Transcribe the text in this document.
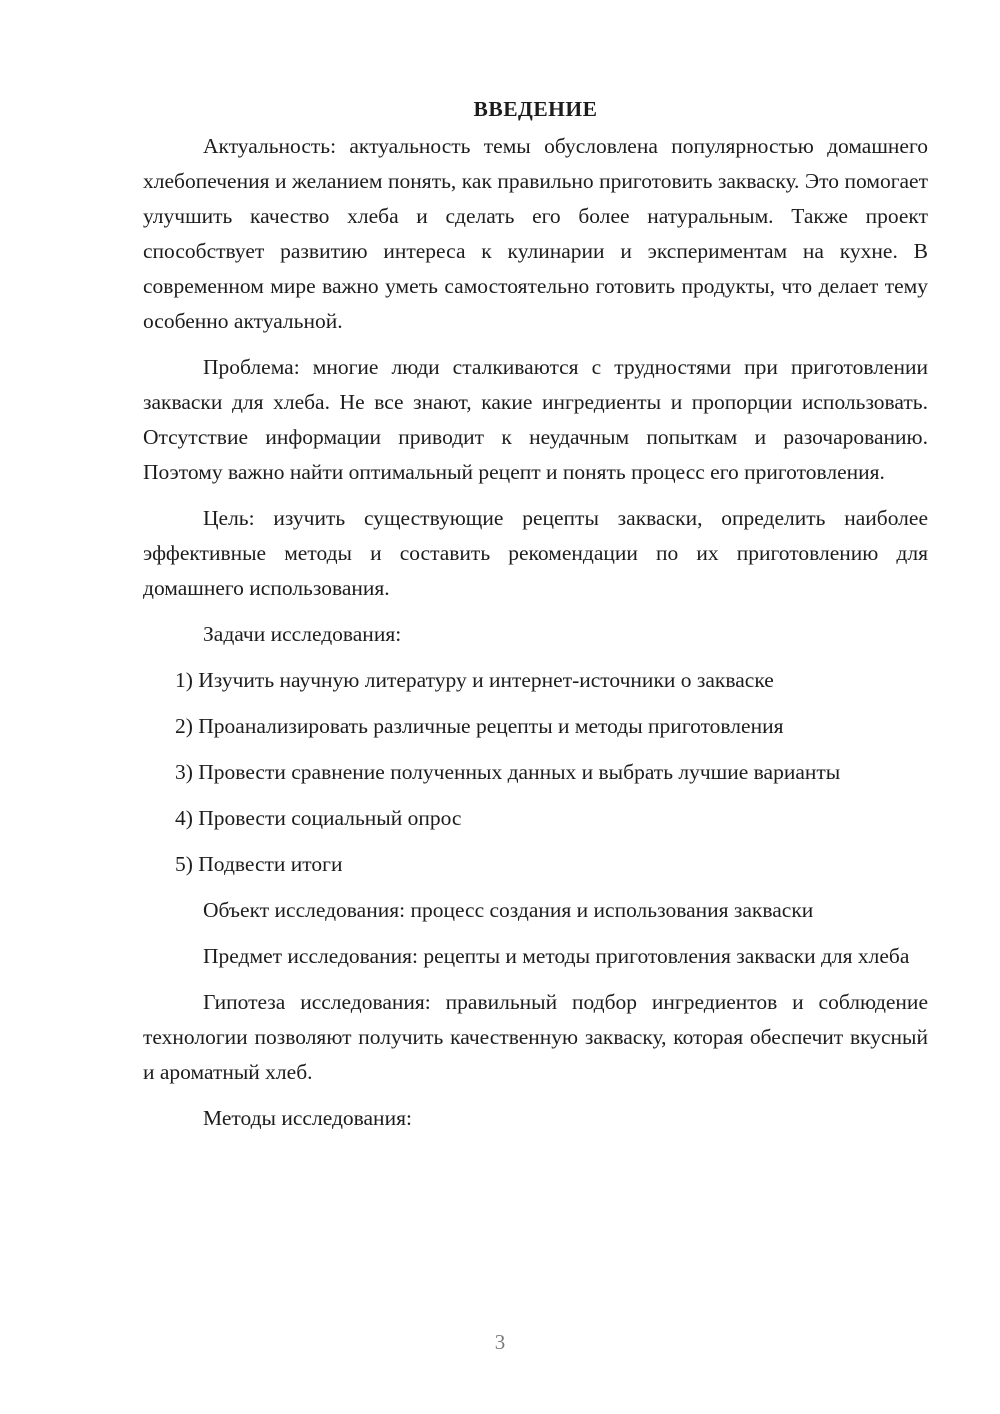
ВВЕДЕНИЕ

Актуальность: актуальность темы обусловлена популярностью домашнего хлебопечения и желанием понять, как правильно приготовить закваску. Это помогает улучшить качество хлеба и сделать его более натуральным. Также проект способствует развитию интереса к кулинарии и экспериментам на кухне. В современном мире важно уметь самостоятельно готовить продукты, что делает тему особенно актуальной.

Проблема: многие люди сталкиваются с трудностями при приготовлении закваски для хлеба. Не все знают, какие ингредиенты и пропорции использовать. Отсутствие информации приводит к неудачным попыткам и разочарованию. Поэтому важно найти оптимальный рецепт и понять процесс его приготовления.

Цель: изучить существующие рецепты закваски, определить наиболее эффективные методы и составить рекомендации по их приготовлению для домашнего использования.

Задачи исследования:

1) Изучить научную литературу и интернет-источники о закваске

2) Проанализировать различные рецепты и методы приготовления

3) Провести сравнение полученных данных и выбрать лучшие варианты

4) Провести социальный опрос

5) Подвести итоги

Объект исследования: процесс создания и использования закваски

Предмет исследования: рецепты и методы приготовления закваски для хлеба

Гипотеза исследования: правильный подбор ингредиентов и соблюдение технологии позволяют получить качественную закваску, которая обеспечит вкусный и ароматный хлеб.

Методы исследования:

3
